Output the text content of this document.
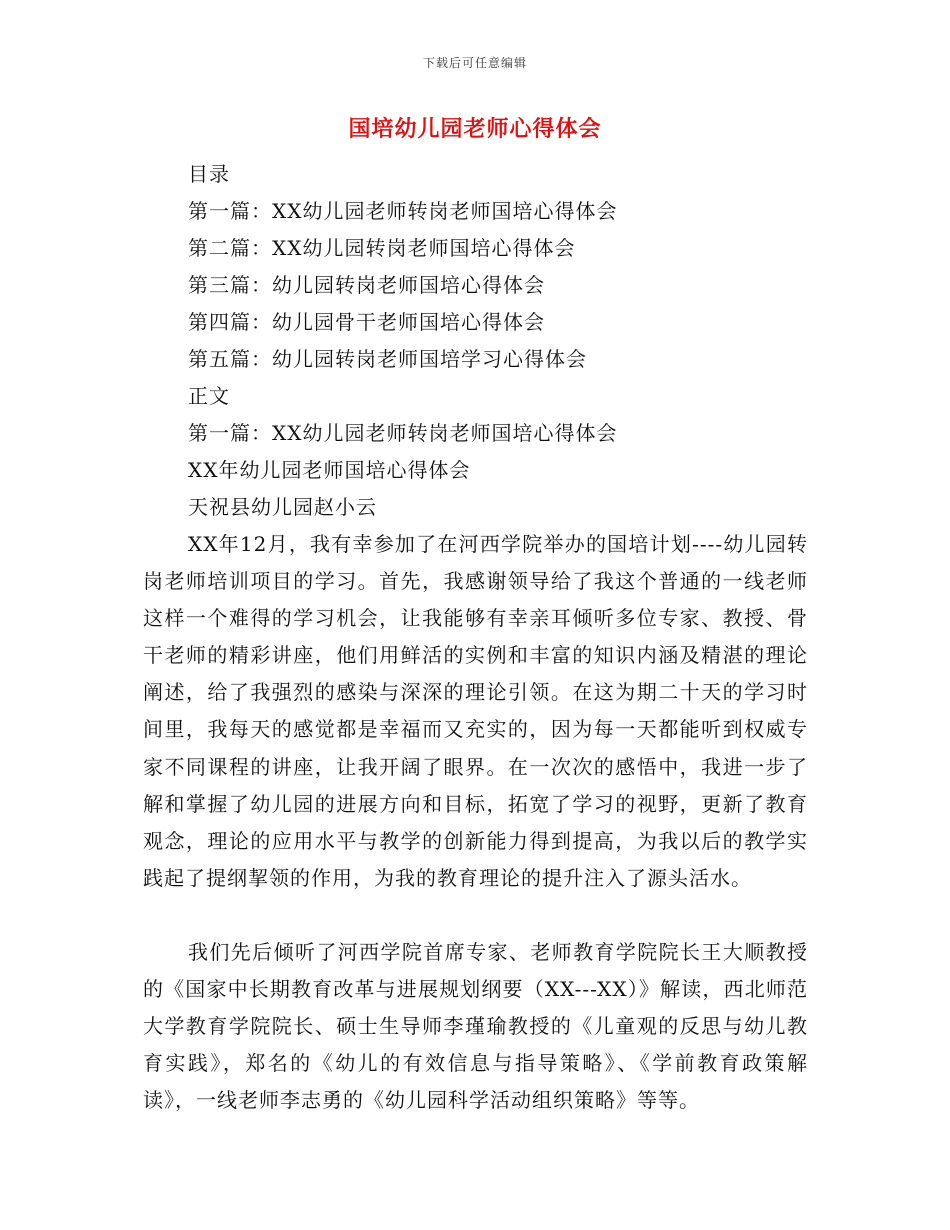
下载后可任意编辑
国培幼儿园老师心得体会
目录
第一篇：XX幼儿园老师转岗老师国培心得体会
第二篇：XX幼儿园转岗老师国培心得体会
第三篇：幼儿园转岗老师国培心得体会
第四篇：幼儿园骨干老师国培心得体会
第五篇：幼儿园转岗老师国培学习心得体会
正文
第一篇：XX幼儿园老师转岗老师国培心得体会
XX年幼儿园老师国培心得体会
天祝县幼儿园赵小云
XX年12月，我有幸参加了在河西学院举办的国培计划----幼儿园转岗老师培训项目的学习。首先，我感谢领导给了我这个普通的一线老师这样一个难得的学习机会，让我能够有幸亲耳倾听多位专家、教授、骨干老师的精彩讲座，他们用鲜活的实例和丰富的知识内涵及精湛的理论阐述，给了我强烈的感染与深深的理论引领。在这为期二十天的学习时间里，我每天的感觉都是幸福而又充实的，因为每一天都能听到权威专家不同课程的讲座，让我开阔了眼界。在一次次的感悟中，我进一步了解和掌握了幼儿园的进展方向和目标，拓宽了学习的视野，更新了教育观念，理论的应用水平与教学的创新能力得到提高，为我以后的教学实践起了提纲挈领的作用，为我的教育理论的提升注入了源头活水。
我们先后倾听了河西学院首席专家、老师教育学院院长王大顺教授的《国家中长期教育改革与进展规划纲要（XX---XX）》解读，西北师范大学教育学院院长、硕士生导师李瑾瑜教授的《儿童观的反思与幼儿教育实践》，郑名的《幼儿的有效信息与指导策略》、《学前教育政策解读》，一线老师李志勇的《幼儿园科学活动组织策略》等等。
